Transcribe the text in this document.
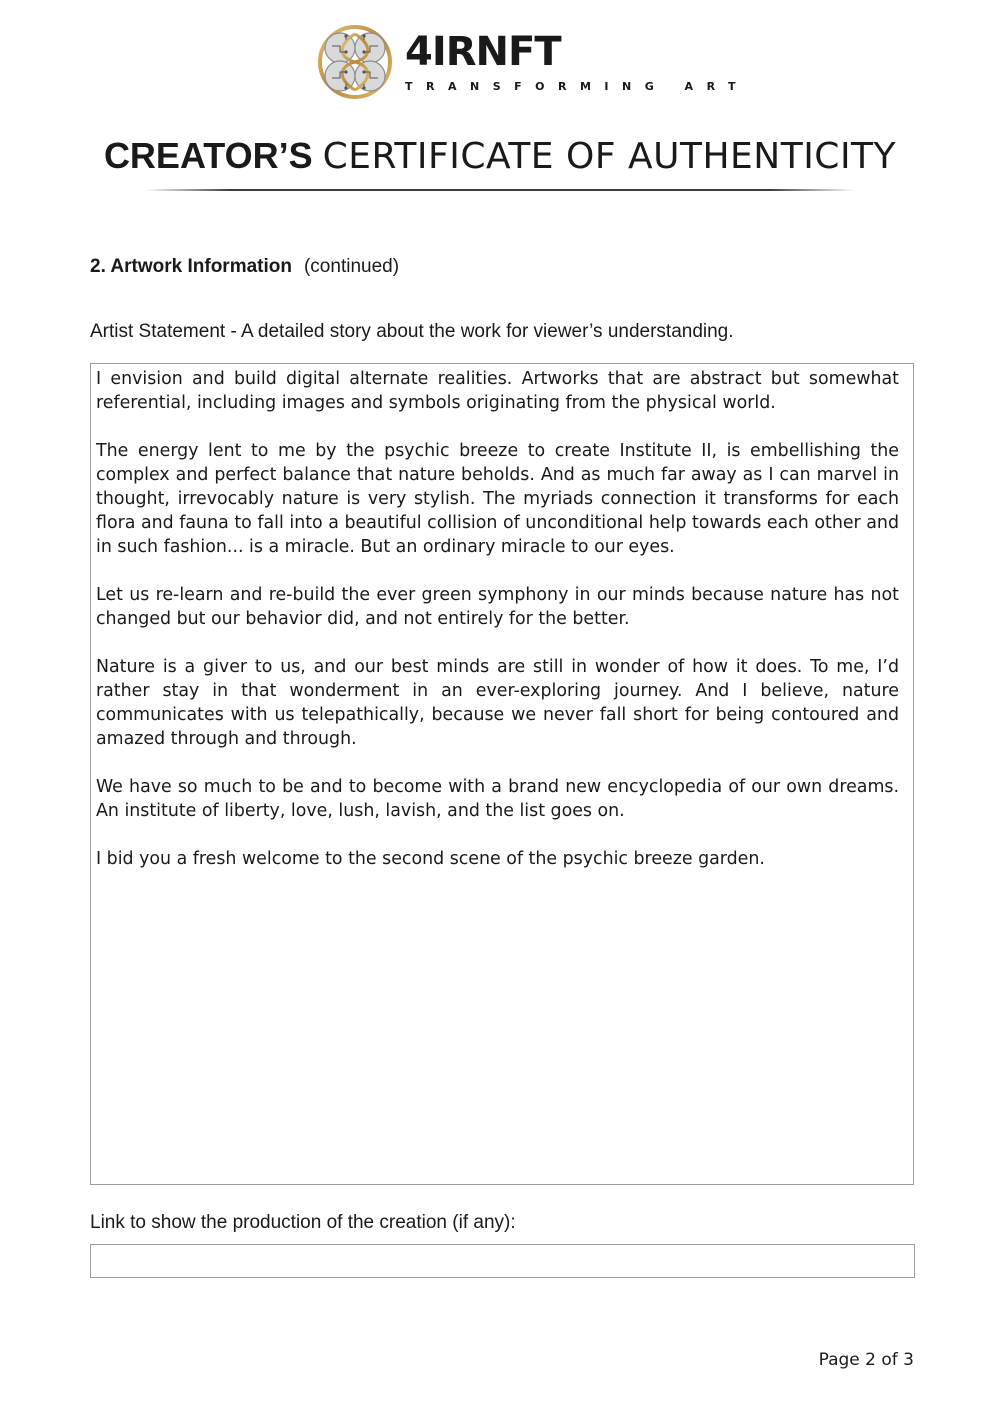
4IRNFT
TRANSFORMING ART
CREATOR’S CERTIFICATE OF AUTHENTICITY
2. Artwork Information (continued)
Artist Statement - A detailed story about the work for viewer’s understanding.

I envision and build digital alternate realities. Artworks that are abstract but somewhat referential, including images and symbols originating from the physical world.

The energy lent to me by the psychic breeze to create Institute II, is embellishing the complex and perfect balance that nature beholds. And as much far away as I can marvel in thought, irrevocably nature is very stylish. The myriads connection it transforms for each flora and fauna to fall into a beautiful collision of unconditional help towards each other and in such fashion... is a miracle. But an ordinary miracle to our eyes.

Let us re-learn and re-build the ever green symphony in our minds because nature has not changed but our behavior did, and not entirely for the better.

Nature is a giver to us, and our best minds are still in wonder of how it does. To me, I’d rather stay in that wonderment in an ever-exploring journey. And I believe, nature communicates with us telepathically, because we never fall short for being contoured and amazed through and through.

We have so much to be and to become with a brand new encyclopedia of our own dreams. An institute of liberty, love, lush, lavish, and the list goes on.

I bid you a fresh welcome to the second scene of the psychic breeze garden.

Link to show the production of the creation (if any):
Page 2 of 3
